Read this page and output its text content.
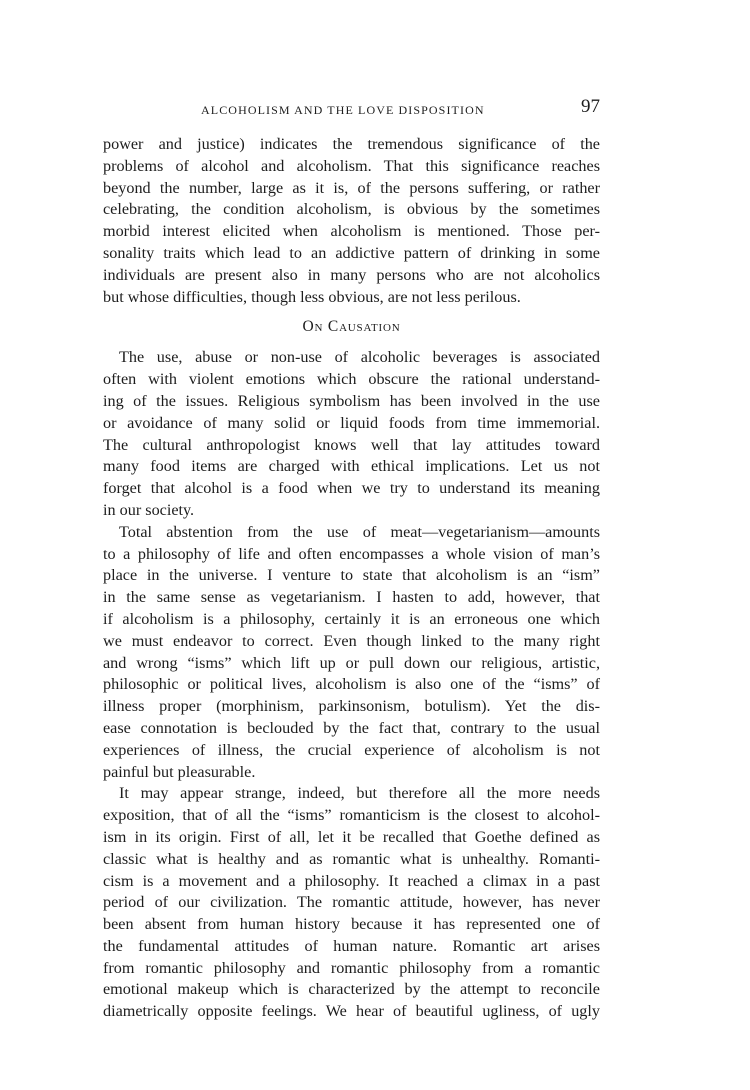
ALCOHOLISM AND THE LOVE DISPOSITION	97
power and justice) indicates the tremendous significance of the
problems of alcohol and alcoholism. That this significance reaches
beyond the number, large as it is, of the persons suffering, or rather
celebrating, the condition alcoholism, is obvious by the sometimes
morbid interest elicited when alcoholism is mentioned. Those per-
sonality traits which lead to an addictive pattern of drinking in some
individuals are present also in many persons who are not alcoholics
but whose difficulties, though less obvious, are not less perilous.
On Causation
The use, abuse or non-use of alcoholic beverages is associated
often with violent emotions which obscure the rational understand-
ing of the issues. Religious symbolism has been involved in the use
or avoidance of many solid or liquid foods from time immemorial.
The cultural anthropologist knows well that lay attitudes toward
many food items are charged with ethical implications. Let us not
forget that alcohol is a food when we try to understand its meaning
in our society.
Total abstention from the use of meat—vegetarianism—amounts
to a philosophy of life and often encompasses a whole vision of man’s
place in the universe. I venture to state that alcoholism is an “ism”
in the same sense as vegetarianism. I hasten to add, however, that
if alcoholism is a philosophy, certainly it is an erroneous one which
we must endeavor to correct. Even though linked to the many right
and wrong “isms” which lift up or pull down our religious, artistic,
philosophic or political lives, alcoholism is also one of the “isms” of
illness proper (morphinism, parkinsonism, botulism). Yet the dis-
ease connotation is beclouded by the fact that, contrary to the usual
experiences of illness, the crucial experience of alcoholism is not
painful but pleasurable.
It may appear strange, indeed, but therefore all the more needs
exposition, that of all the “isms” romanticism is the closest to alcohol-
ism in its origin. First of all, let it be recalled that Goethe defined as
classic what is healthy and as romantic what is unhealthy. Romanti-
cism is a movement and a philosophy. It reached a climax in a past
period of our civilization. The romantic attitude, however, has never
been absent from human history because it has represented one of
the fundamental attitudes of human nature. Romantic art arises
from romantic philosophy and romantic philosophy from a romantic
emotional makeup which is characterized by the attempt to reconcile
diametrically opposite feelings. We hear of beautiful ugliness, of ugly
